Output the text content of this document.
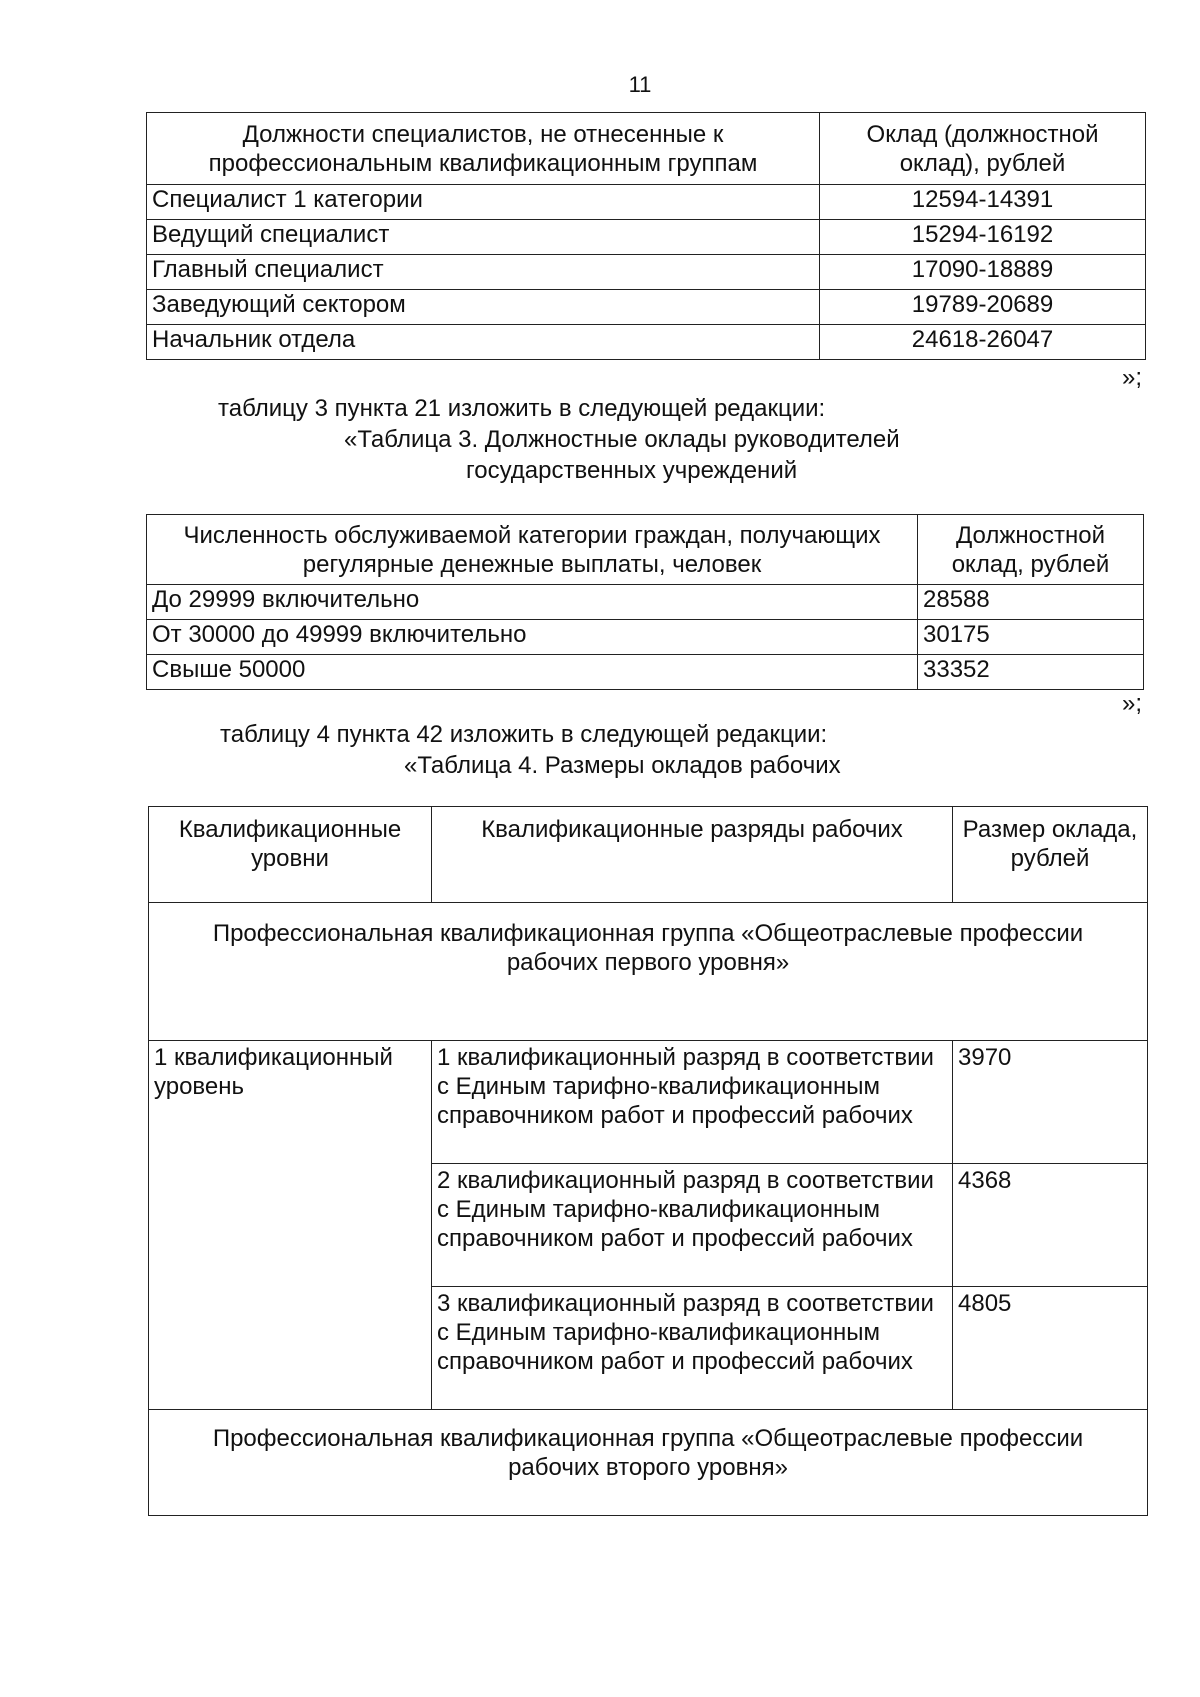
11
Должности специалистов, не отнесенные к профессиональным квалификационным группам	Оклад (должностной оклад), рублей
Специалист 1 категории	12594-14391
Ведущий специалист	15294-16192
Главный специалист	17090-18889
Заведующий сектором	19789-20689
Начальник отдела	24618-26047
»;
таблицу 3 пункта 21 изложить в следующей редакции:
«Таблица 3. Должностные оклады руководителей
государственных учреждений
Численность обслуживаемой категории граждан, получающих регулярные денежные выплаты, человек	Должностной оклад, рублей
До 29999 включительно	28588
От 30000 до 49999 включительно	30175
Свыше 50000	33352
»;
таблицу 4 пункта 42 изложить в следующей редакции:
«Таблица 4. Размеры окладов рабочих
Квалификационные уровни	Квалификационные разряды рабочих	Размер оклада, рублей
Профессиональная квалификационная группа «Общеотраслевые профессии рабочих первого уровня»		
1 квалификационный уровень	1 квалификационный разряд в соответствии с Единым тарифно-квалификационным справочником работ и профессий рабочих	3970
	2 квалификационный разряд в соответствии с Единым тарифно-квалификационным справочником работ и профессий рабочих	4368
	3 квалификационный разряд в соответствии с Единым тарифно-квалификационным справочником работ и профессий рабочих	4805
Профессиональная квалификационная группа «Общеотраслевые профессии рабочих второго уровня»		
